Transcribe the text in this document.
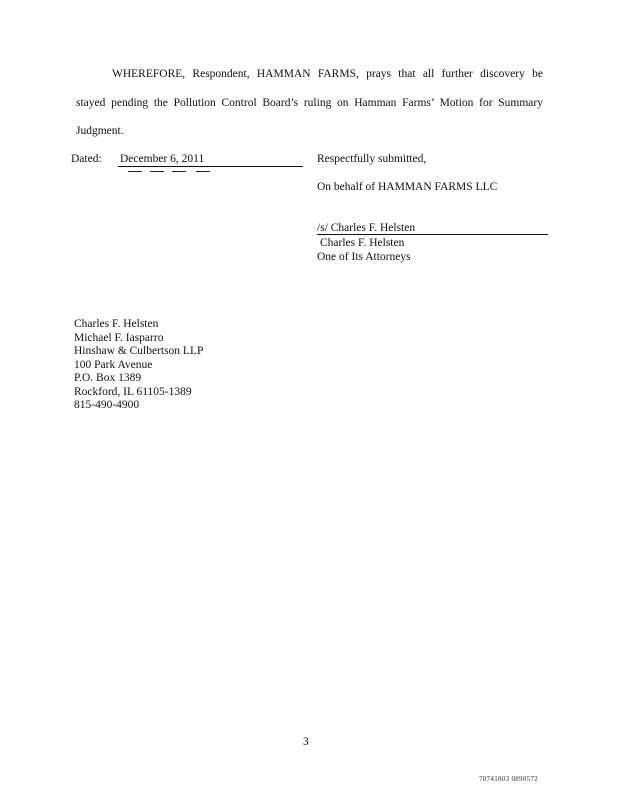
WHEREFORE, Respondent, HAMMAN FARMS, prays that all further discovery be
stayed pending the Pollution Control Board’s ruling on Hamman Farms’ Motion for Summary
Judgment.
Dated: December 6, 2011	Respectfully submitted,
On behalf of HAMMAN FARMS LLC
/s/ Charles F. Helsten
Charles F. Helsten
One of Its Attorneys
Charles F. Helsten
Michael F. Iasparro
Hinshaw & Culbertson LLP
100 Park Avenue
P.O. Box 1389
Rockford, IL 61105-1389
815-490-4900
3
70741803 0890572
